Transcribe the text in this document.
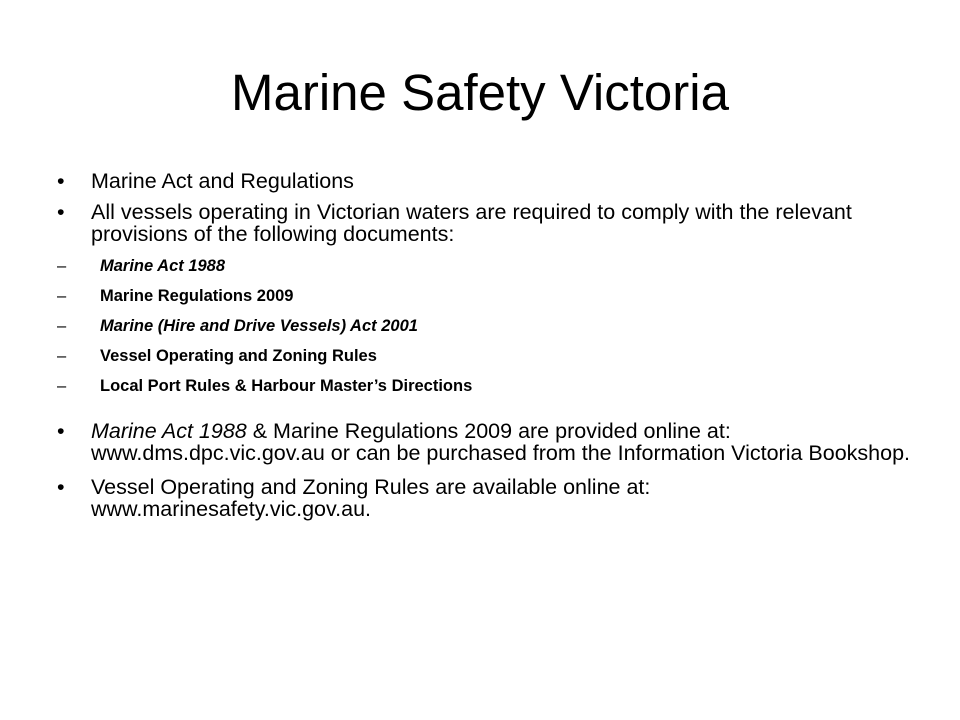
Marine Safety Victoria
• Marine Act and Regulations
• All vessels operating in Victorian waters are required to comply with the relevant provisions of the following documents:
– Marine Act 1988
– Marine Regulations 2009
– Marine (Hire and Drive Vessels) Act 2001
– Vessel Operating and Zoning Rules
– Local Port Rules & Harbour Master’s Directions
• Marine Act 1988 & Marine Regulations 2009 are provided online at: www.dms.dpc.vic.gov.au or can be purchased from the Information Victoria Bookshop.
• Vessel Operating and Zoning Rules are available online at: www.marinesafety.vic.gov.au.
